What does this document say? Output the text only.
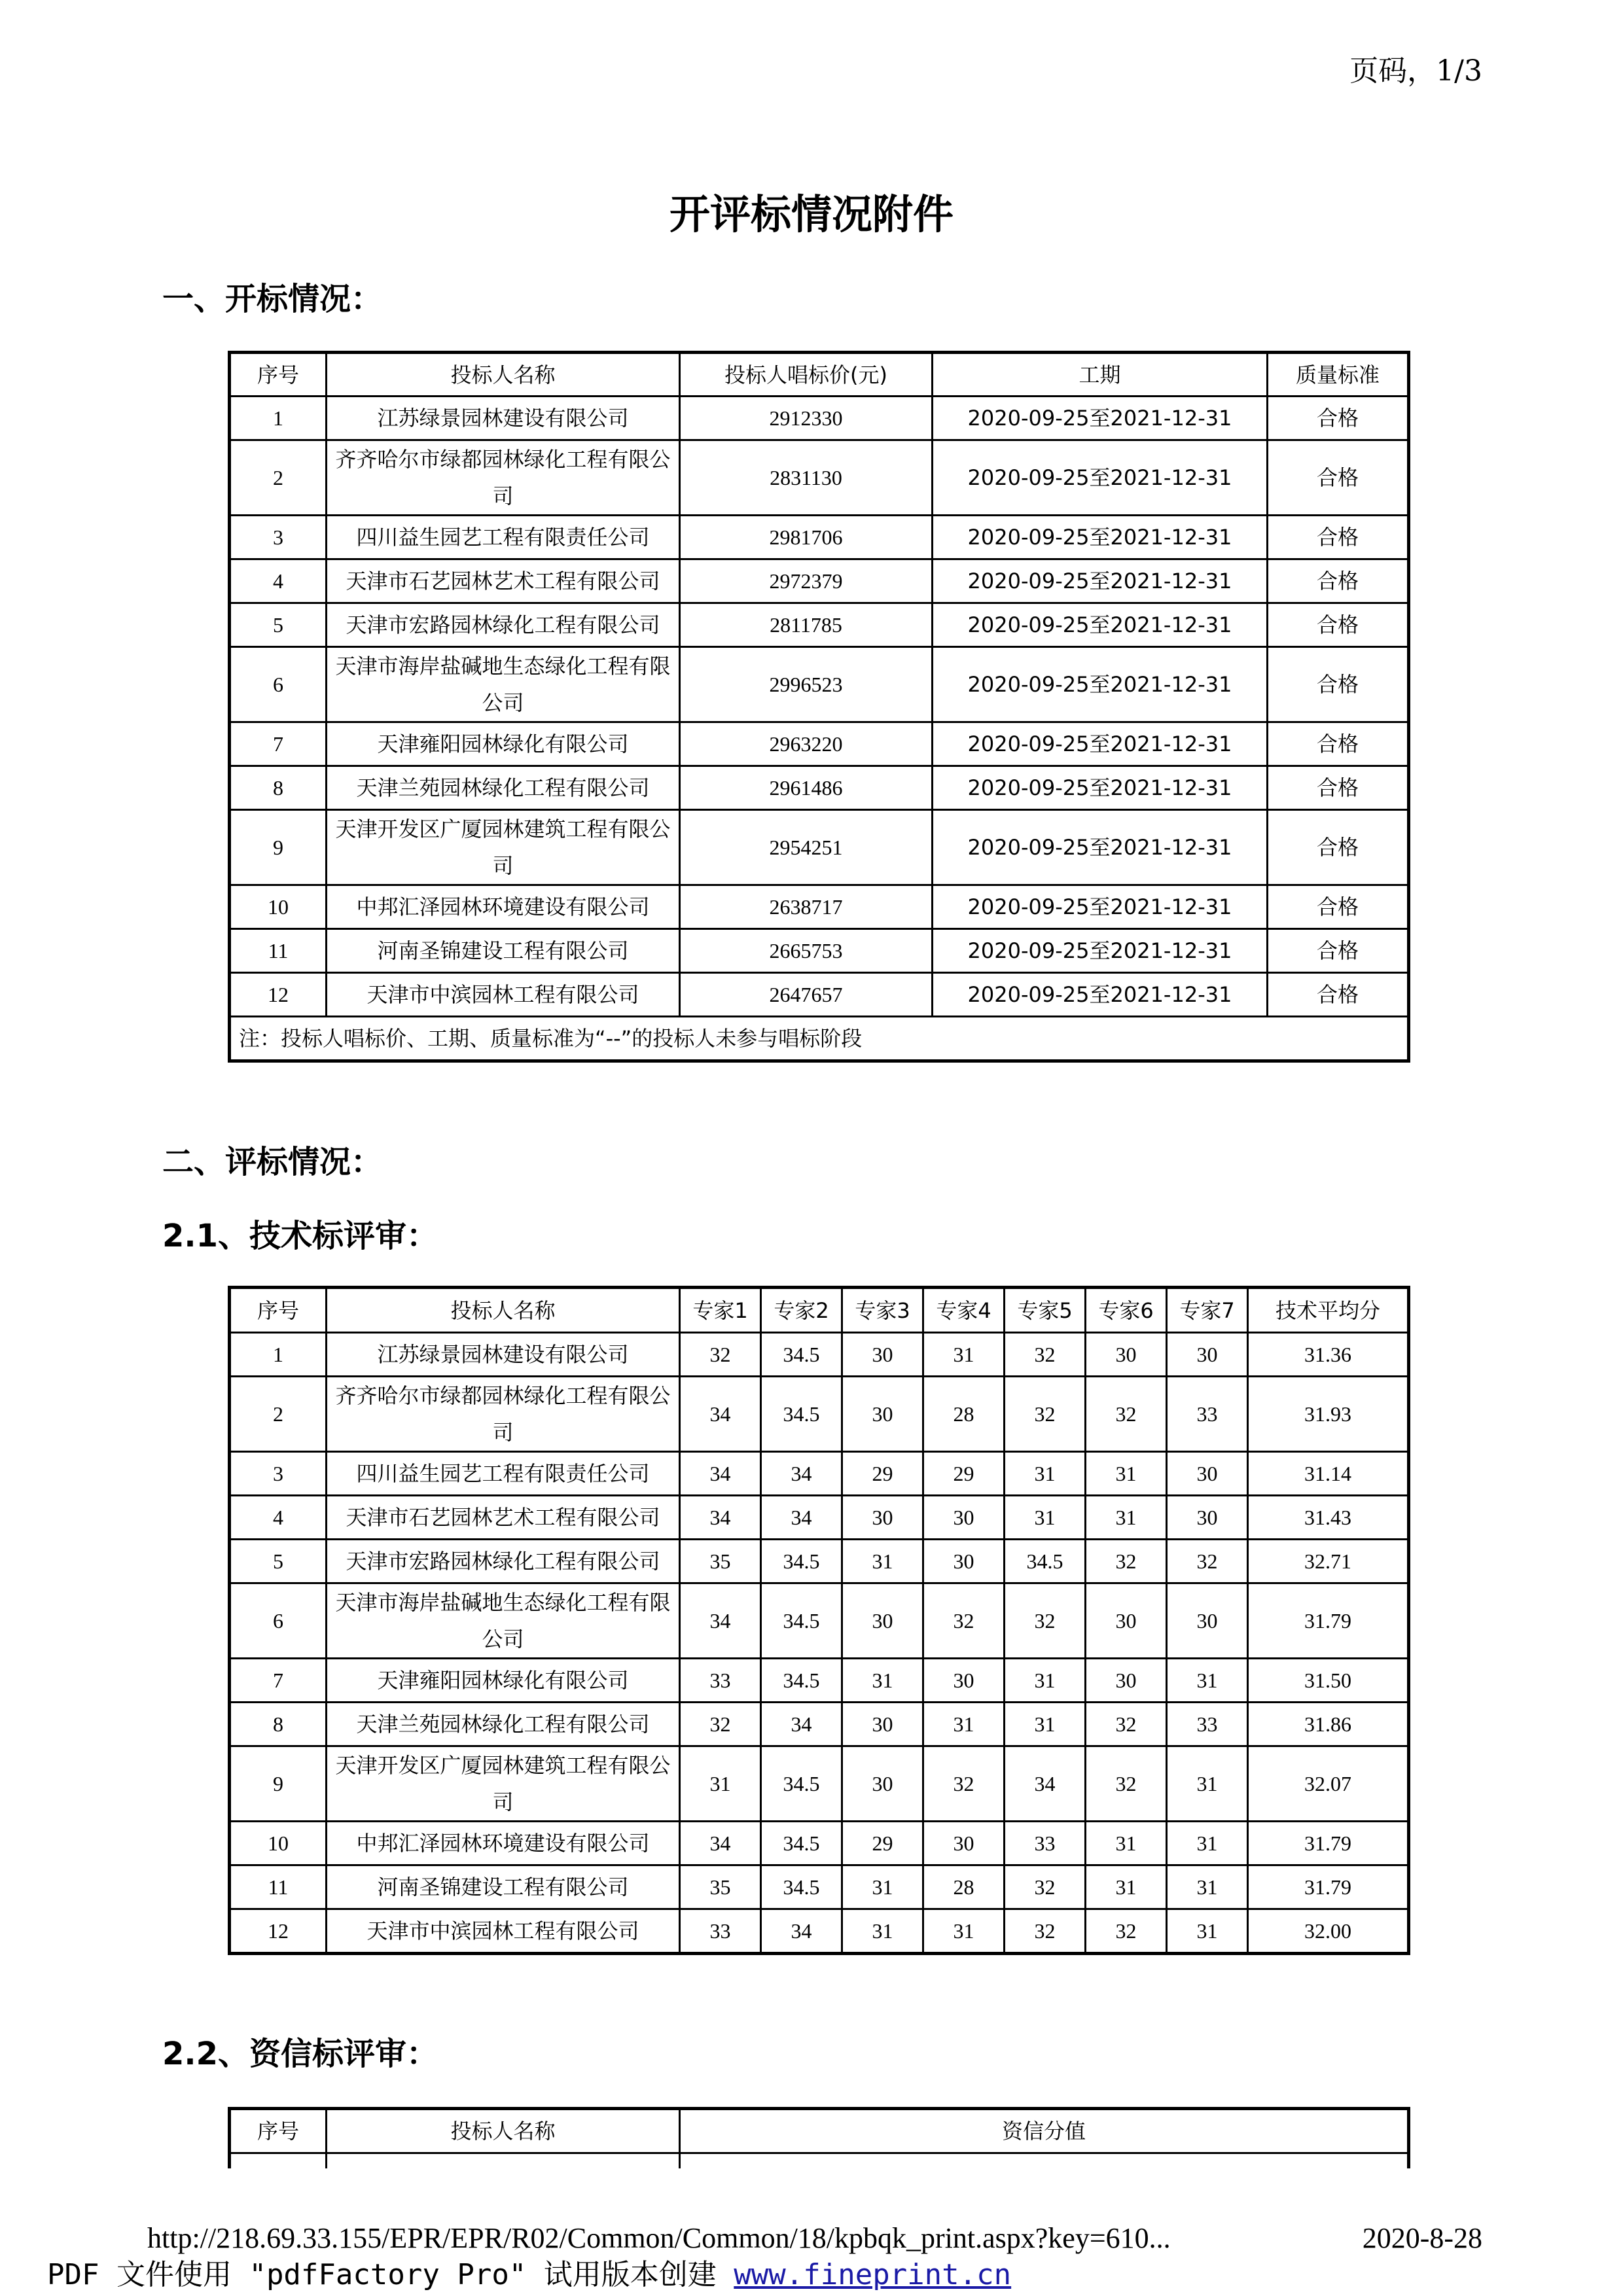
页码，1/3
开评标情况附件
一、开标情况：
序号	投标人名称	投标人唱标价(元)	工期	质量标准
1	江苏绿景园林建设有限公司	2912330	2020-09-25至2021-12-31	合格
2	齐齐哈尔市绿都园林绿化工程有限公司	2831130	2020-09-25至2021-12-31	合格
3	四川益生园艺工程有限责任公司	2981706	2020-09-25至2021-12-31	合格
4	天津市石艺园林艺术工程有限公司	2972379	2020-09-25至2021-12-31	合格
5	天津市宏路园林绿化工程有限公司	2811785	2020-09-25至2021-12-31	合格
6	天津市海岸盐碱地生态绿化工程有限公司	2996523	2020-09-25至2021-12-31	合格
7	天津雍阳园林绿化有限公司	2963220	2020-09-25至2021-12-31	合格
8	天津兰苑园林绿化工程有限公司	2961486	2020-09-25至2021-12-31	合格
9	天津开发区广厦园林建筑工程有限公司	2954251	2020-09-25至2021-12-31	合格
10	中邦汇泽园林环境建设有限公司	2638717	2020-09-25至2021-12-31	合格
11	河南圣锦建设工程有限公司	2665753	2020-09-25至2021-12-31	合格
12	天津市中滨园林工程有限公司	2647657	2020-09-25至2021-12-31	合格
注：投标人唱标价、工期、质量标准为“--”的投标人未参与唱标阶段				
二、评标情况：
2.1、技术标评审：
序号	投标人名称	专家1	专家2	专家3	专家4	专家5	专家6	专家7	技术平均分
1	江苏绿景园林建设有限公司	32	34.5	30	31	32	30	30	31.36
2	齐齐哈尔市绿都园林绿化工程有限公司	34	34.5	30	28	32	32	33	31.93
3	四川益生园艺工程有限责任公司	34	34	29	29	31	31	30	31.14
4	天津市石艺园林艺术工程有限公司	34	34	30	30	31	31	30	31.43
5	天津市宏路园林绿化工程有限公司	35	34.5	31	30	34.5	32	32	32.71
6	天津市海岸盐碱地生态绿化工程有限公司	34	34.5	30	32	32	30	30	31.79
7	天津雍阳园林绿化有限公司	33	34.5	31	30	31	30	31	31.50
8	天津兰苑园林绿化工程有限公司	32	34	30	31	31	32	33	31.86
9	天津开发区广厦园林建筑工程有限公司	31	34.5	30	32	34	32	31	32.07
10	中邦汇泽园林环境建设有限公司	34	34.5	29	30	33	31	31	31.79
11	河南圣锦建设工程有限公司	35	34.5	31	28	32	31	31	31.79
12	天津市中滨园林工程有限公司	33	34	31	31	32	32	31	32.00
2.2、资信标评审：
序号	投标人名称	资信分值

http://218.69.33.155/EPR/EPR/R02/Common/Common/18/kpbqk_print.aspx?key=610...	2020-8-28
PDF 文件使用 "pdfFactory Pro" 试用版本创建 www.fineprint.cn
